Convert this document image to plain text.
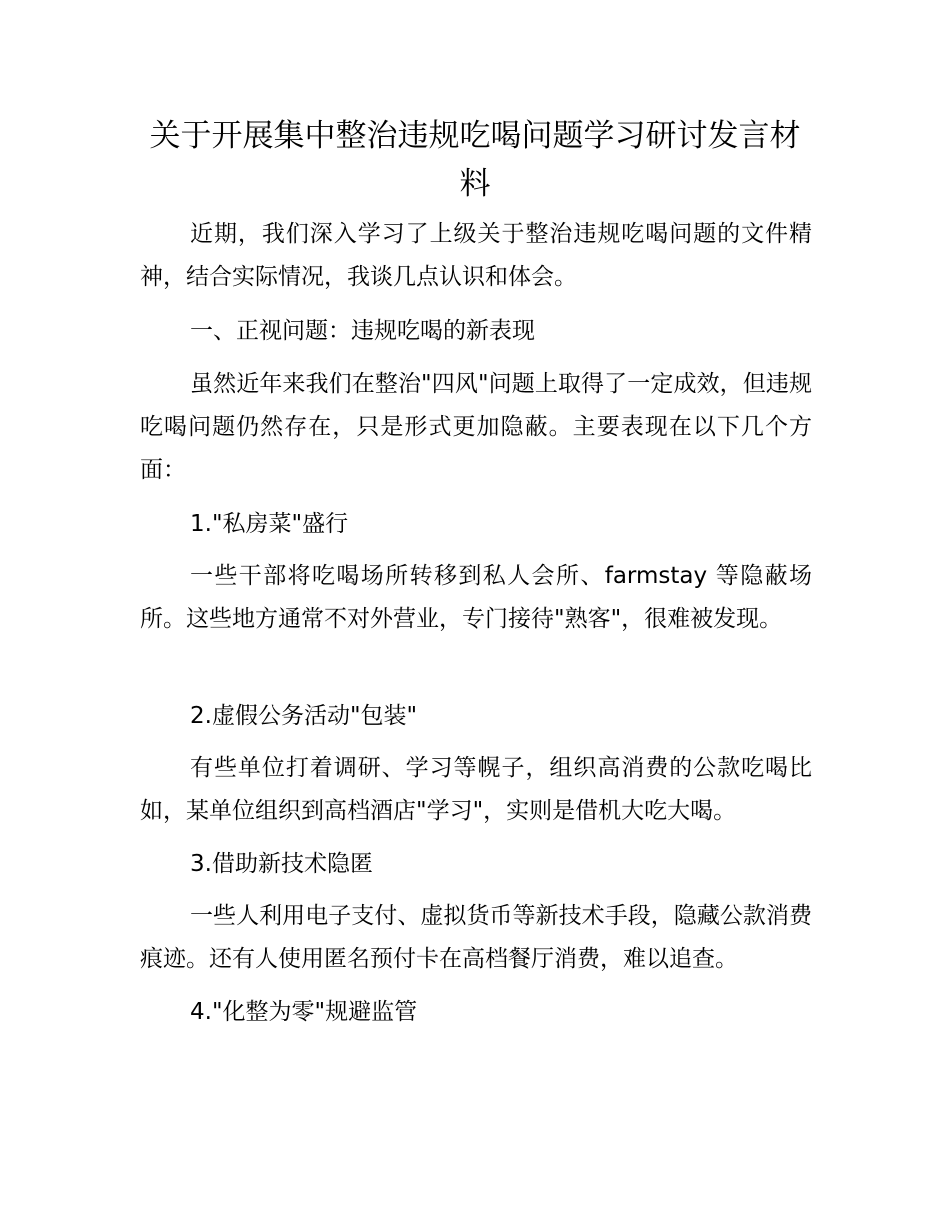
关于开展集中整治违规吃喝问题学习研讨发言材料

近期，我们深入学习了上级关于整治违规吃喝问题的文件精神，结合实际情况，我谈几点认识和体会。

一、正视问题：违规吃喝的新表现

虽然近年来我们在整治"四风"问题上取得了一定成效，但违规吃喝问题仍然存在，只是形式更加隐蔽。主要表现在以下几个方面：

1."私房菜"盛行

一些干部将吃喝场所转移到私人会所、farmstay 等隐蔽场所。这些地方通常不对外营业，专门接待"熟客"，很难被发现。

2.虚假公务活动"包装"

有些单位打着调研、学习等幌子，组织高消费的公款吃喝比如，某单位组织到高档酒店"学习"，实则是借机大吃大喝。

3.借助新技术隐匿

一些人利用电子支付、虚拟货币等新技术手段，隐藏公款消费痕迹。还有人使用匿名预付卡在高档餐厅消费，难以追查。

4."化整为零"规避监管
